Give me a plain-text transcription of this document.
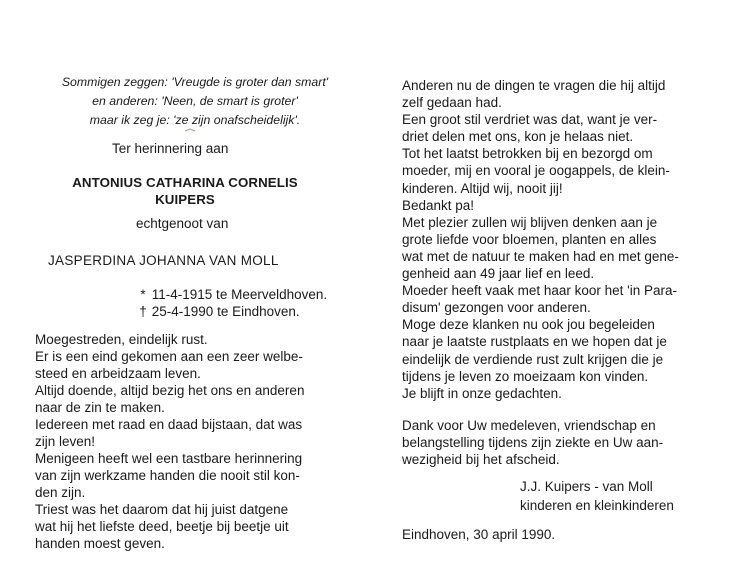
Sommigen zeggen: 'Vreugde is groter dan smart'
en anderen: 'Neen, de smart is groter'
maar ik zeg je: 'ze zijn onafscheidelijk'.
Ter herinnering aan
ANTONIUS CATHARINA CORNELIS
KUIPERS
echtgenoot van
JASPERDINA JOHANNA VAN MOLL
* 11-4-1915 te Meerveldhoven.
† 25-4-1990 te Eindhoven.
Moegestreden, eindelijk rust.
Er is een eind gekomen aan een zeer welbe-
steed en arbeidzaam leven.
Altijd doende, altijd bezig het ons en anderen
naar de zin te maken.
Iedereen met raad en daad bijstaan, dat was
zijn leven!
Menigeen heeft wel een tastbare herinnering
van zijn werkzame handen die nooit stil kon-
den zijn.
Triest was het daarom dat hij juist datgene
wat hij het liefste deed, beetje bij beetje uit
handen moest geven.
Anderen nu de dingen te vragen die hij altijd
zelf gedaan had.
Een groot stil verdriet was dat, want je ver-
driet delen met ons, kon je helaas niet.
Tot het laatst betrokken bij en bezorgd om
moeder, mij en vooral je oogappels, de klein-
kinderen. Altijd wij, nooit jij!
Bedankt pa!
Met plezier zullen wij blijven denken aan je
grote liefde voor bloemen, planten en alles
wat met de natuur te maken had en met gene-
genheid aan 49 jaar lief en leed.
Moeder heeft vaak met haar koor het 'in Para-
disum' gezongen voor anderen.
Moge deze klanken nu ook jou begeleiden
naar je laatste rustplaats en we hopen dat je
eindelijk de verdiende rust zult krijgen die je
tijdens je leven zo moeizaam kon vinden.
Je blijft in onze gedachten.
Dank voor Uw medeleven, vriendschap en
belangstelling tijdens zijn ziekte en Uw aan-
wezigheid bij het afscheid.
J.J. Kuipers - van Moll
kinderen en kleinkinderen
Eindhoven, 30 april 1990.
